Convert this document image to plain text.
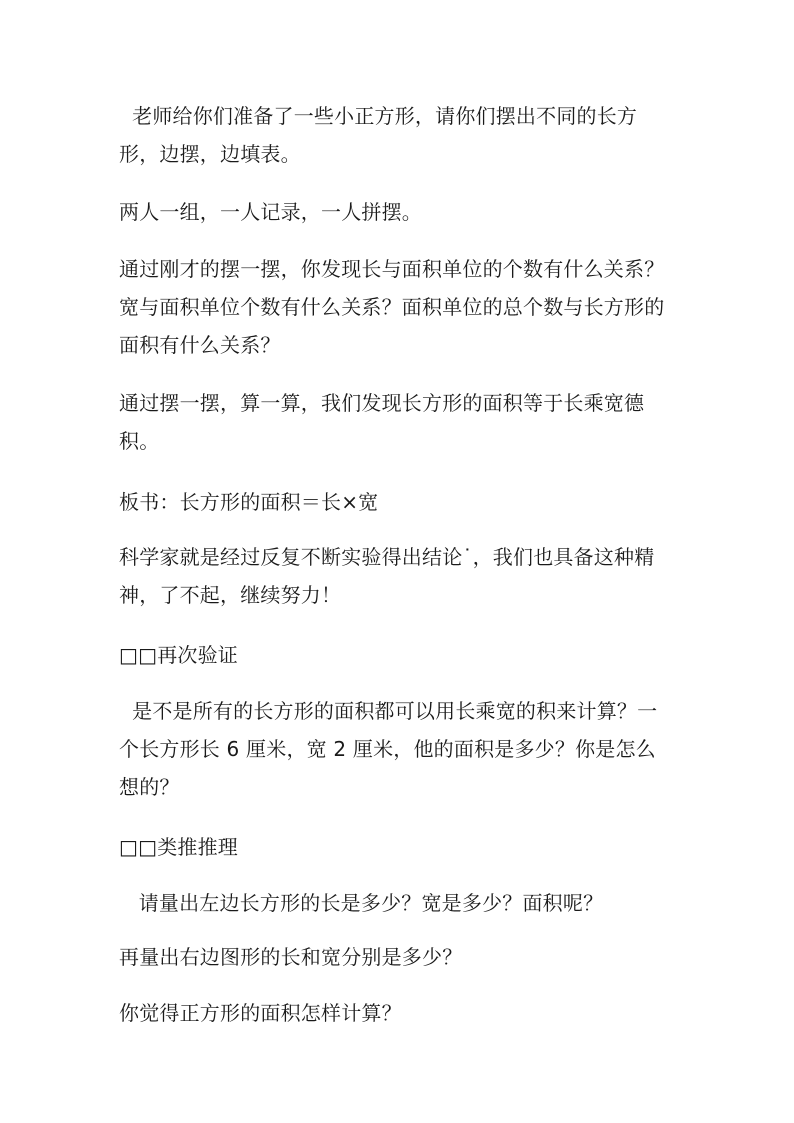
老师给你们准备了一些小正方形，请你们摆出不同的长方形，边摆，边填表。

两人一组，一人记录，一人拼摆。

通过刚才的摆一摆，你发现长与面积单位的个数有什么关系？宽与面积单位个数有什么关系？面积单位的总个数与长方形的面积有什么关系？

通过摆一摆，算一算，我们发现长方形的面积等于长乘宽德积。

板书：长方形的面积＝长×宽

科学家就是经过反复不断实验得出结论˙，我们也具备这种精神，了不起，继续努力！

□□再次验证

是不是所有的长方形的面积都可以用长乘宽的积来计算？一个长方形长 6 厘米，宽 2 厘米，他的面积是多少？你是怎么想的？

□□类推推理

请量出左边长方形的长是多少？宽是多少？面积呢？

再量出右边图形的长和宽分别是多少？

你觉得正方形的面积怎样计算？
